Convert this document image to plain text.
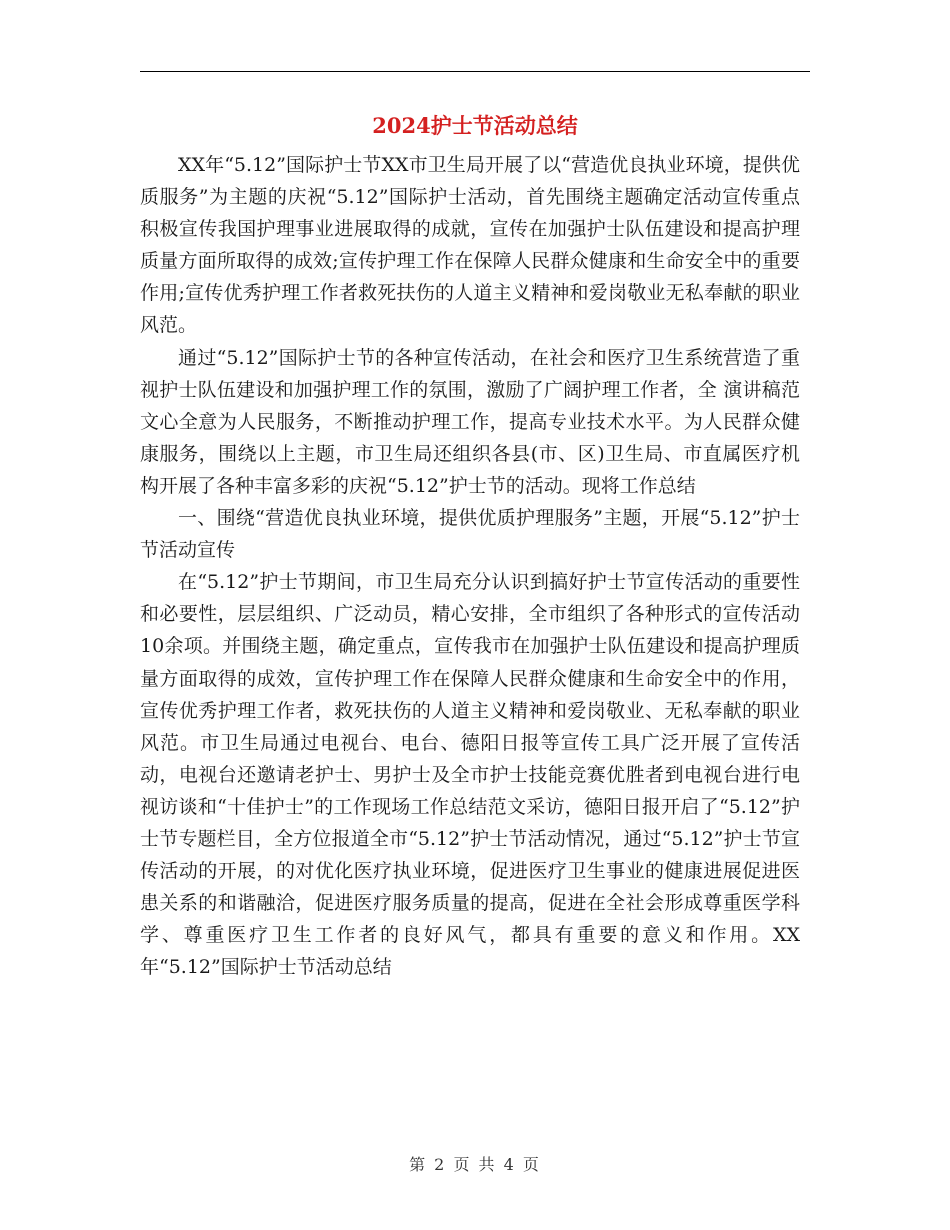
2024护士节活动总结

XX年“5.12”国际护士节XX市卫生局开展了以“营造优良执业环境，提供优质服务”为主题的庆祝“5.12”国际护士活动，首先围绕主题确定活动宣传重点积极宣传我国护理事业进展取得的成就，宣传在加强护士队伍建设和提高护理质量方面所取得的成效;宣传护理工作在保障人民群众健康和生命安全中的重要作用;宣传优秀护理工作者救死扶伤的人道主义精神和爱岗敬业无私奉献的职业风范。

通过“5.12”国际护士节的各种宣传活动，在社会和医疗卫生系统营造了重视护士队伍建设和加强护理工作的氛围，激励了广阔护理工作者，全 演讲稿范文心全意为人民服务，不断推动护理工作，提高专业技术水平。为人民群众健康服务，围绕以上主题，市卫生局还组织各县(市、区)卫生局、市直属医疗机构开展了各种丰富多彩的庆祝“5.12”护士节的活动。现将工作总结

一、围绕“营造优良执业环境，提供优质护理服务”主题，开展“5.12”护士节活动宣传

在“5.12”护士节期间，市卫生局充分认识到搞好护士节宣传活动的重要性和必要性，层层组织、广泛动员，精心安排，全市组织了各种形式的宣传活动 10余项。并围绕主题，确定重点，宣传我市在加强护士队伍建设和提高护理质量方面取得的成效，宣传护理工作在保障人民群众健康和生命安全中的作用，宣传优秀护理工作者，救死扶伤的人道主义精神和爱岗敬业、无私奉献的职业风范。市卫生局通过电视台、电台、德阳日报等宣传工具广泛开展了宣传活动，电视台还邀请老护士、男护士及全市护士技能竞赛优胜者到电视台进行电视访谈和“十佳护士”的工作现场工作总结范文采访，德阳日报开启了“5.12”护士节专题栏目，全方位报道全市“5.12”护士节活动情况，通过“5.12”护士节宣传活动的开展，的对优化医疗执业环境，促进医疗卫生事业的健康进展促进医患关系的和谐融洽，促进医疗服务质量的提高，促进在全社会形成尊重医学科学、尊重医疗卫生工作者的良好风气，都具有重要的意义和作用。XX年“5.12”国际护士节活动总结

第 2 页 共 4 页
